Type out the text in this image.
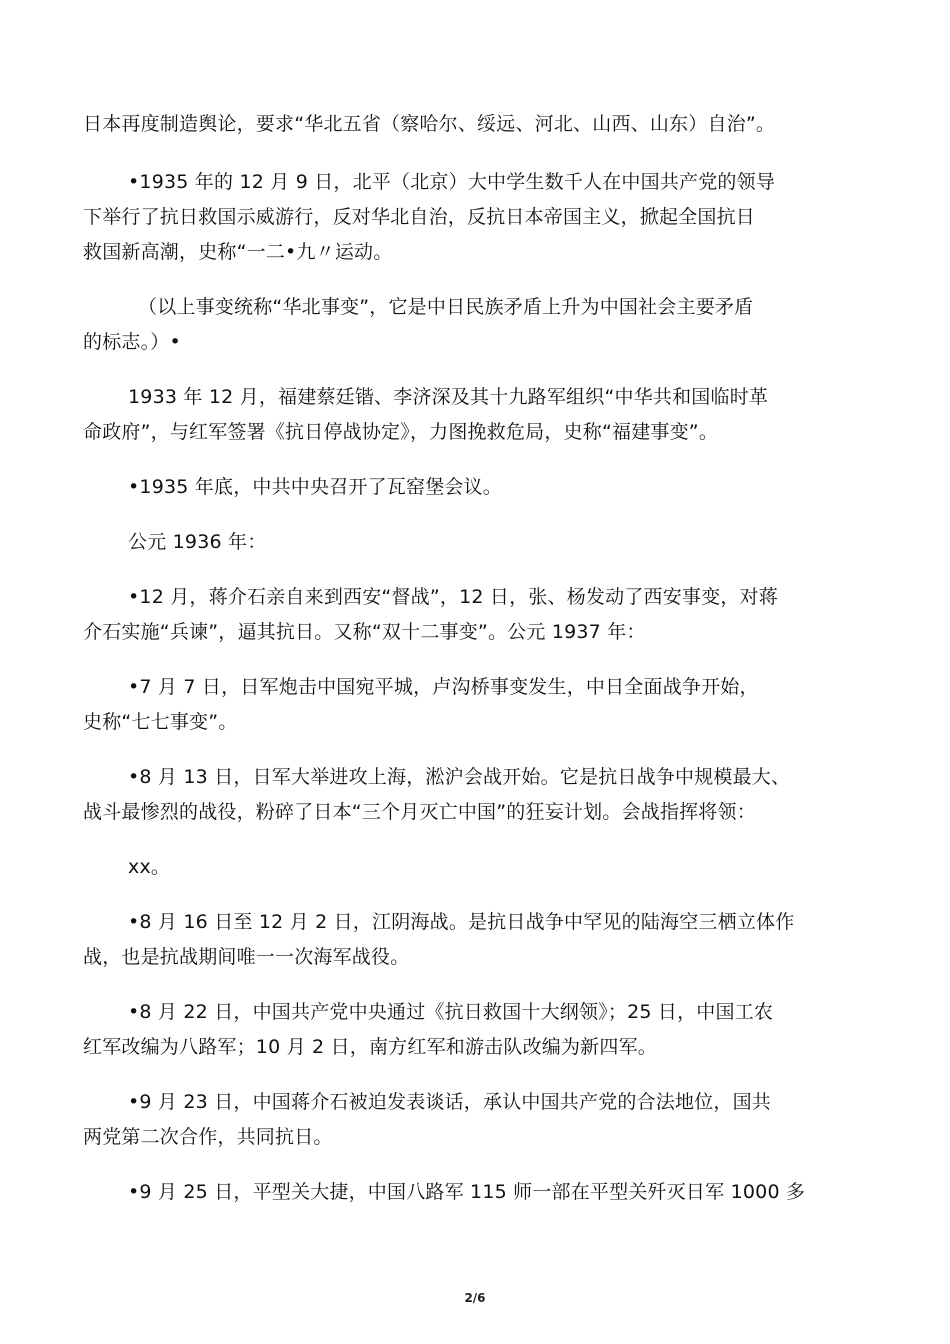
日本再度制造舆论，要求“华北五省（察哈尔、绥远、河北、山西、山东）自治”。
•1935 年的 12 月 9 日，北平（北京）大中学生数千人在中国共产党的领导
下举行了抗日救国示威游行，反对华北自治，反抗日本帝国主义，掀起全国抗日
救国新高潮，史称“一二•九〃运动。
（以上事变统称“华北事变”，它是中日民族矛盾上升为中国社会主要矛盾
的标志。）•
1933 年 12 月，福建蔡廷锴、李济深及其十九路军组织“中华共和国临时革
命政府”，与红军签署《抗日停战协定》，力图挽救危局，史称“福建事变”。
•1935 年底，中共中央召开了瓦窑堡会议。
公元 1936 年：
•12 月，蒋介石亲自来到西安“督战”，12 日，张、杨发动了西安事变，对蒋
介石实施“兵谏”，逼其抗日。又称“双十二事变”。公元 1937 年：
•7 月 7 日，日军炮击中国宛平城，卢沟桥事变发生，中日全面战争开始，
史称“七七事变”。
•8 月 13 日，日军大举进攻上海，淞沪会战开始。它是抗日战争中规模最大、
战斗最惨烈的战役，粉碎了日本“三个月灭亡中国”的狂妄计划。会战指挥将领：
xx。
•8 月 16 日至 12 月 2 日，江阴海战。是抗日战争中罕见的陆海空三栖立体作
战，也是抗战期间唯一一次海军战役。
•8 月 22 日，中国共产党中央通过《抗日救国十大纲领》；25 日，中国工农
红军改编为八路军；10 月 2 日，南方红军和游击队改编为新四军。
•9 月 23 日，中国蒋介石被迫发表谈话，承认中国共产党的合法地位，国共
两党第二次合作，共同抗日。
•9 月 25 日，平型关大捷，中国八路军 115 师一部在平型关歼灭日军 1000 多
2/6
